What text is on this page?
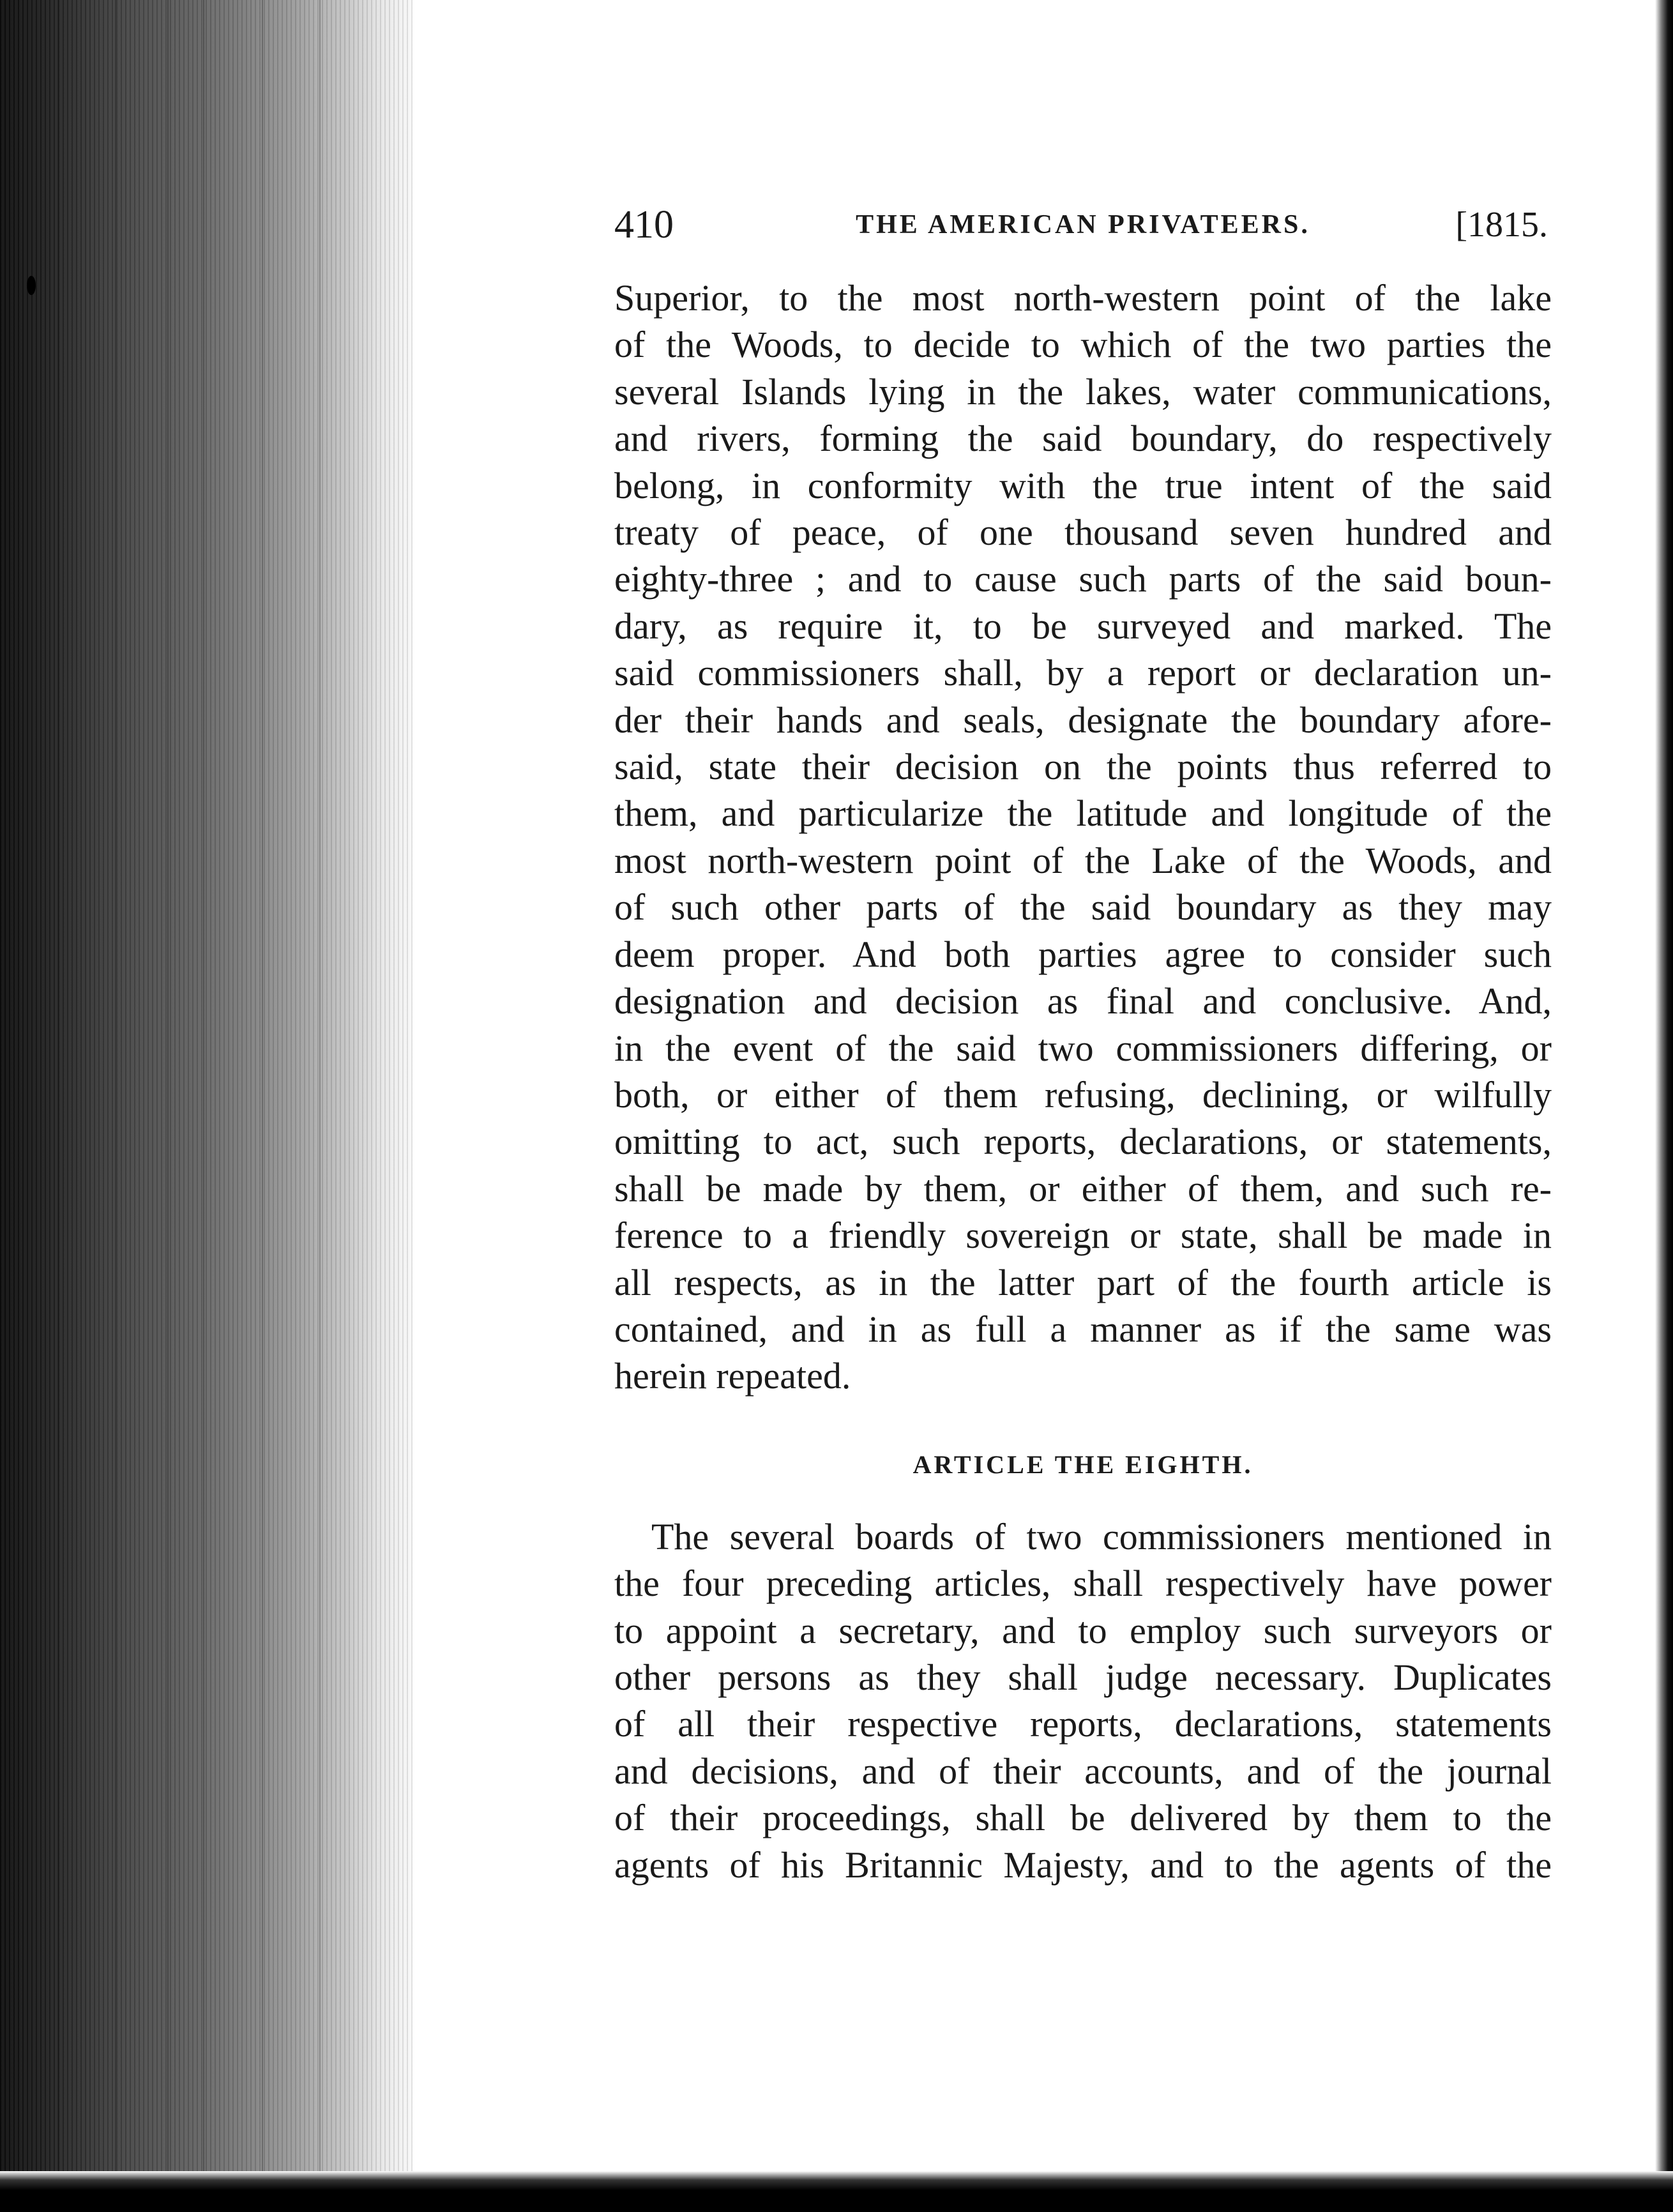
410	THE AMERICAN PRIVATEERS.	[1815.
Superior, to the most north-western point of the lake
of the Woods, to decide to which of the two parties the
several Islands lying in the lakes, water communications,
and rivers, forming the said boundary, do respectively
belong, in conformity with the true intent of the said
treaty of peace, of one thousand seven hundred and
eighty-three ; and to cause such parts of the said boun-
dary, as require it, to be surveyed and marked. The
said commissioners shall, by a report or declaration un-
der their hands and seals, designate the boundary afore-
said, state their decision on the points thus referred to
them, and particularize the latitude and longitude of the
most north-western point of the Lake of the Woods, and
of such other parts of the said boundary as they may
deem proper. And both parties agree to consider such
designation and decision as final and conclusive. And,
in the event of the said two commissioners differing, or
both, or either of them refusing, declining, or wilfully
omitting to act, such reports, declarations, or statements,
shall be made by them, or either of them, and such re-
ference to a friendly sovereign or state, shall be made in
all respects, as in the latter part of the fourth article is
contained, and in as full a manner as if the same was
herein repeated.
ARTICLE THE EIGHTH.
The several boards of two commissioners mentioned in
the four preceding articles, shall respectively have power
to appoint a secretary, and to employ such surveyors or
other persons as they shall judge necessary. Duplicates
of all their respective reports, declarations, statements
and decisions, and of their accounts, and of the journal
of their proceedings, shall be delivered by them to the
agents of his Britannic Majesty, and to the agents of the
